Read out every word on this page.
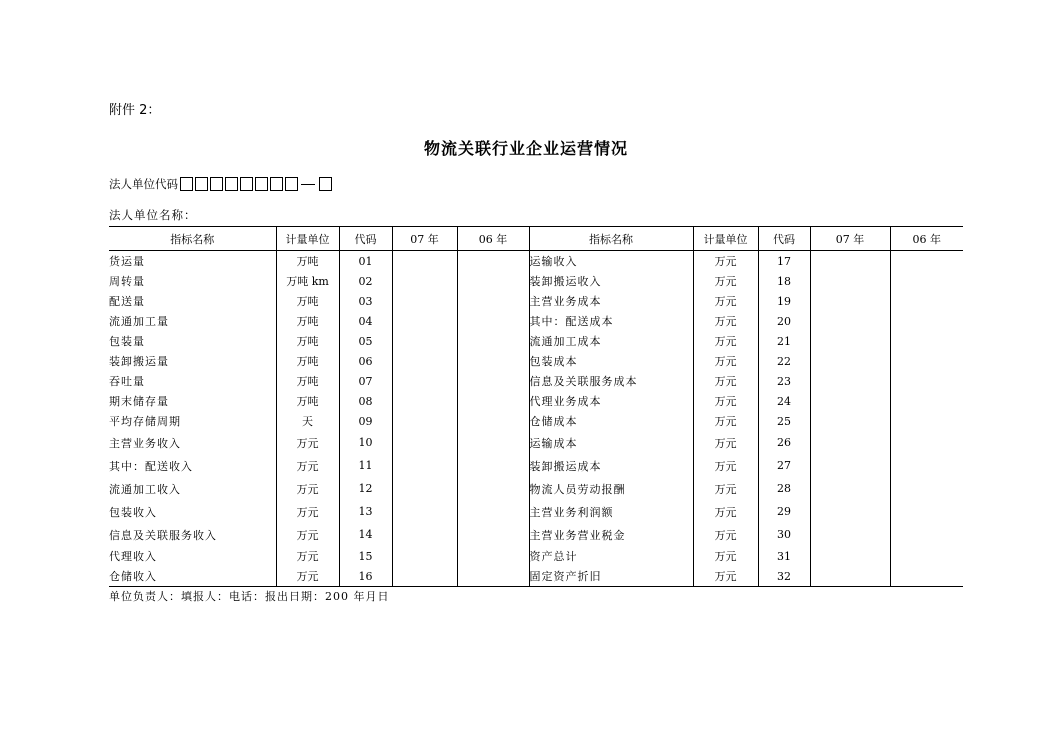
附件 2：
物流关联行业企业运营情况
法人单位代码
法人单位名称：
指标名称	计量单位	代码	07 年	06 年	指标名称	计量单位	代码	07 年	06 年
货运量	万吨	01			运输收入	万元	17		
周转量	万吨 km	02			装卸搬运收入	万元	18		
配送量	万吨	03			主营业务成本	万元	19		
流通加工量	万吨	04			其中：配送成本	万元	20		
包装量	万吨	05			流通加工成本	万元	21		
装卸搬运量	万吨	06			包装成本	万元	22		
吞吐量	万吨	07			信息及关联服务成本	万元	23		
期末储存量	万吨	08			代理业务成本	万元	24		
平均存储周期	天	09			仓储成本	万元	25		
主营业务收入	万元	10			运输成本	万元	26		
其中：配送收入	万元	11			装卸搬运成本	万元	27		
流通加工收入	万元	12			物流人员劳动报酬	万元	28		
包装收入	万元	13			主营业务利润额	万元	29		
信息及关联服务收入	万元	14			主营业务营业税金	万元	30		
代理收入	万元	15			资产总计	万元	31		
仓储收入	万元	16			固定资产折旧	万元	32		
单位负责人：填报人：电话：报出日期：200 年月日
